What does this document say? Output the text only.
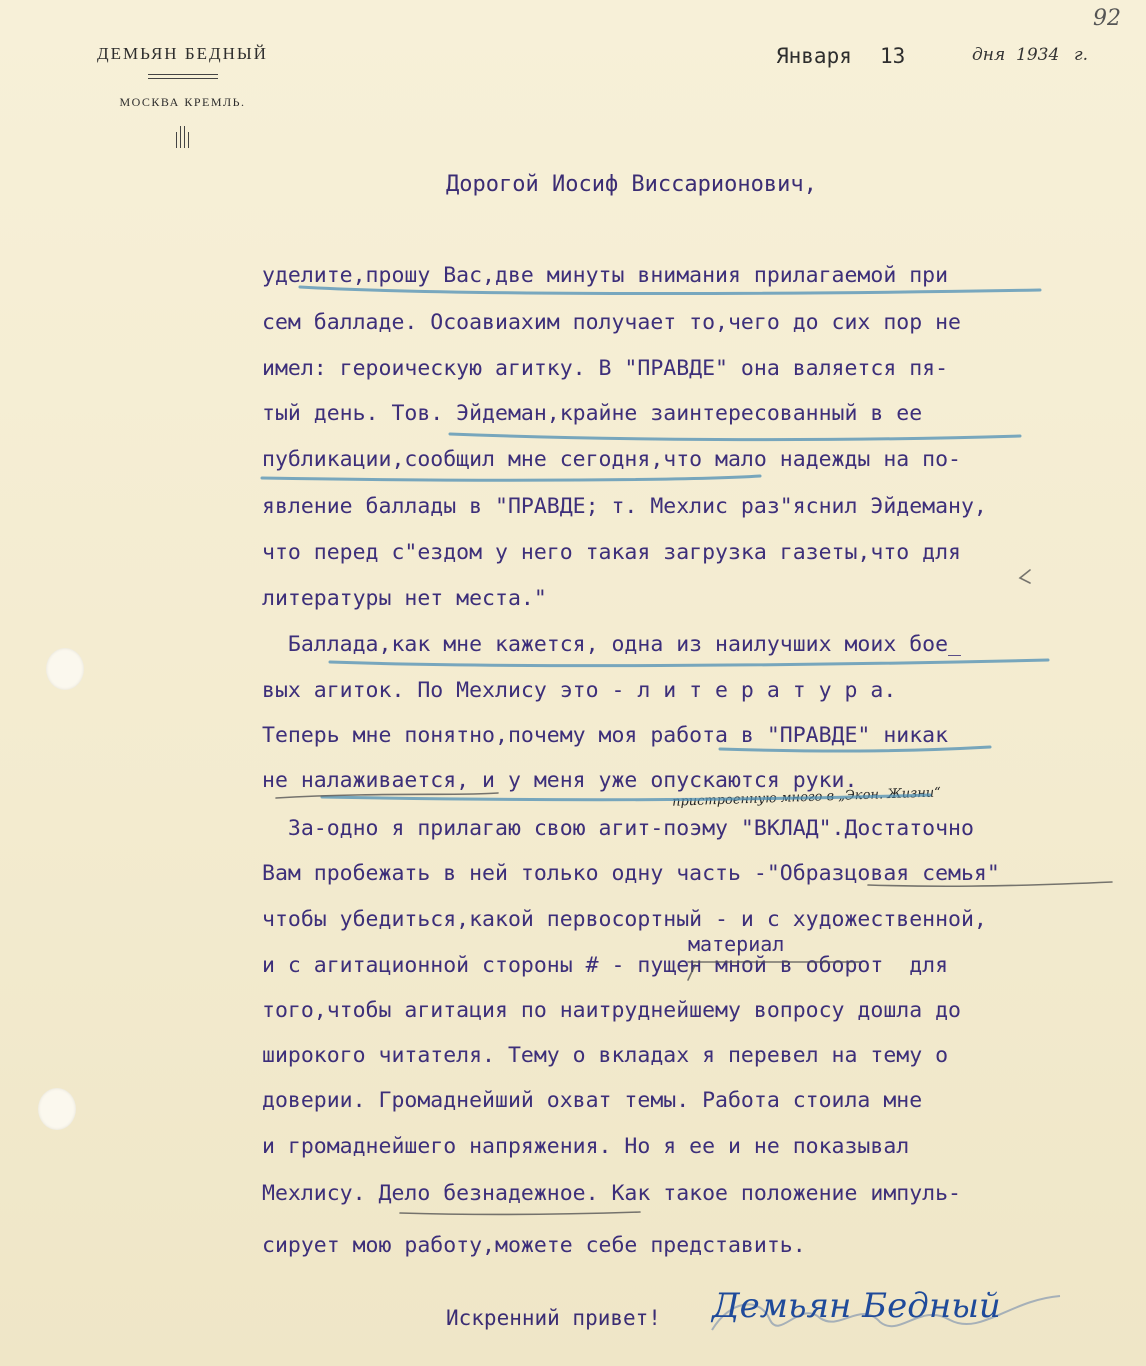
92
ДЕМЬЯН БЕДНЫЙ
МОСКВА КРЕМЛЬ.
Января 13	дня 1934 г.
Дорогой Иосиф Виссарионович,
уделите,прошу Вас,две минуты внимания прилагаемой при
сем балладе. Осоавиахим получает то,чего до сих пор не
имел: героическую агитку. В "ПРАВДЕ" она валяется пя-
тый день. Тов. Эйдеман,крайне заинтересованный в ее
публикации,сообщил мне сегодня,что мало надежды на по-
явление баллады в "ПРАВДЕ; т. Мехлис раз"яснил Эйдеману,
что перед с"ездом у него такая загрузка газеты,что для
литературы нет места."
Баллада,как мне кажется, одна из наилучших моих бое_
вых агиток. По Мехлису это - л и т е р а т у р а.
Теперь мне понятно,почему моя работа в "ПРАВДЕ" никак
не налаживается, и у меня уже опускаются руки.
За-одно я прилагаю свою агит-поэму "ВКЛАД".Достаточно
Вам пробежать в ней только одну часть -"Образцовая семья"
чтобы убедиться,какой первосортный - и с художественной,
и с агитационной стороны # - пущен мной в оборот  для
того,чтобы агитация по наитруднейшему вопросу дошла до
широкого читателя. Тему о вкладах я перевел на тему о
доверии. Громаднейший охват темы. Работа стоила мне
и громаднейшего напряжения. Но я ее и не показывал
Мехлису. Дело безнадежное. Как такое положение импуль-
сирует мою работу,можете себе представить.
пристроенную много в „Экон. Жизни“
материал
Искренний привет! Демьян Бедный
